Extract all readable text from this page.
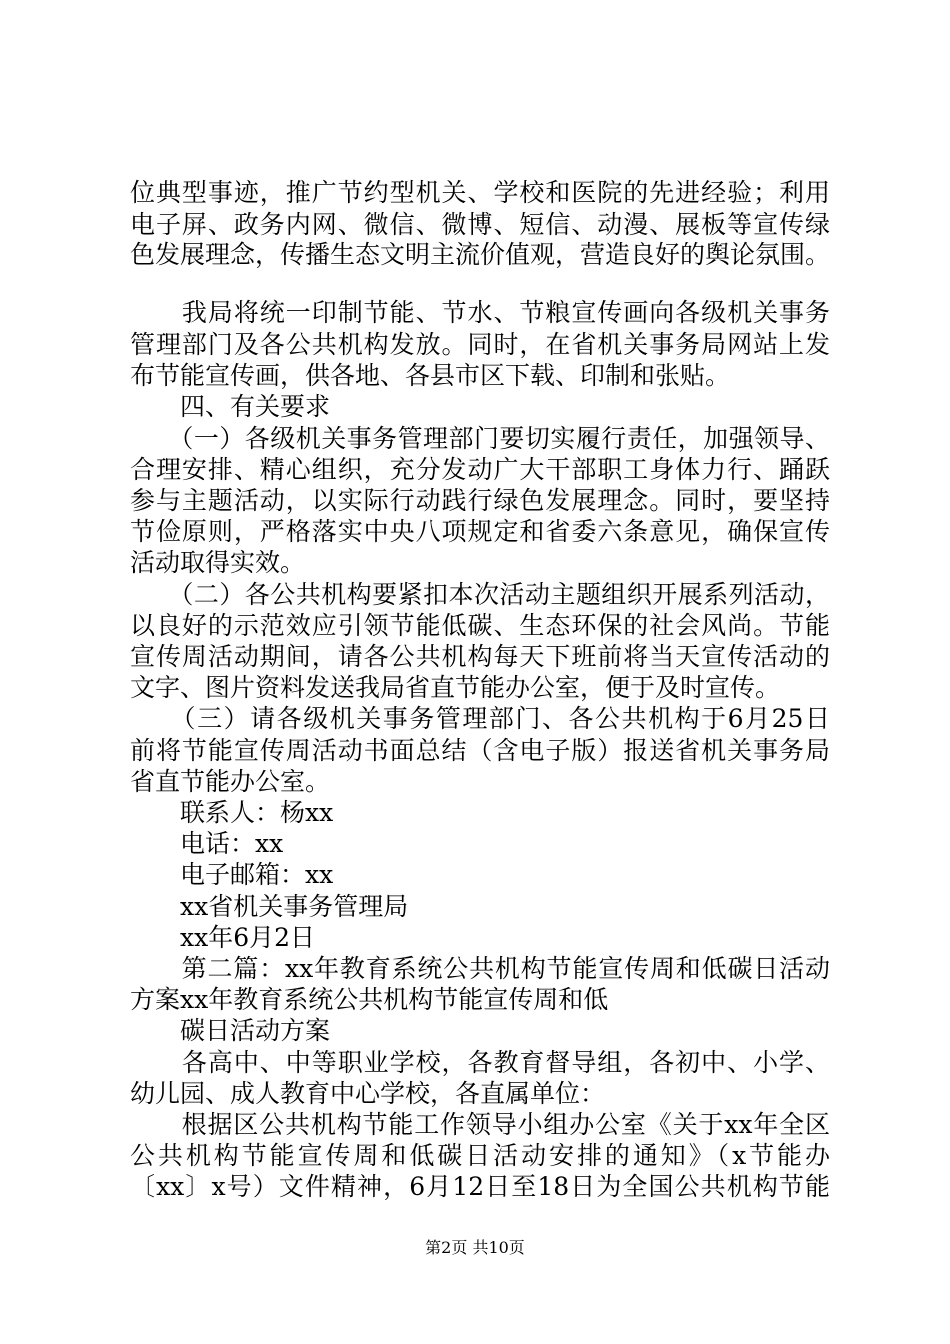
位典型事迹，推广节约型机关、学校和医院的先进经验；利用
电子屏、政务内网、微信、微博、短信、动漫、展板等宣传绿
色发展理念，传播生态文明主流价值观，营造良好的舆论氛围。
　　我局将统一印制节能、节水、节粮宣传画向各级机关事务
管理部门及各公共机构发放。同时，在省机关事务局网站上发
布节能宣传画，供各地、各县市区下载、印制和张贴。
　　四、有关要求
　　（一）各级机关事务管理部门要切实履行责任，加强领导、
合理安排、精心组织，充分发动广大干部职工身体力行、踊跃
参与主题活动，以实际行动践行绿色发展理念。同时，要坚持
节俭原则，严格落实中央八项规定和省委六条意见，确保宣传
活动取得实效。
　　（二）各公共机构要紧扣本次活动主题组织开展系列活动，
以良好的示范效应引领节能低碳、生态环保的社会风尚。节能
宣传周活动期间，请各公共机构每天下班前将当天宣传活动的
文字、图片资料发送我局省直节能办公室，便于及时宣传。
　　（三）请各级机关事务管理部门、各公共机构于6月25日
前将节能宣传周活动书面总结（含电子版）报送省机关事务局
省直节能办公室。
　　联系人：杨xx
　　电话：xx
　　电子邮箱：xx
　　xx省机关事务管理局
　　xx年6月2日
　　第二篇：xx年教育系统公共机构节能宣传周和低碳日活动
方案xx年教育系统公共机构节能宣传周和低
　　碳日活动方案
　　各高中、中等职业学校，各教育督导组，各初中、小学、
幼儿园、成人教育中心学校，各直属单位：
　　根据区公共机构节能工作领导小组办公室《关于xx年全区
公共机构节能宣传周和低碳日活动安排的通知》（x节能办
〔xx〕x号）文件精神，6月12日至18日为全国公共机构节能
第2页 共10页
